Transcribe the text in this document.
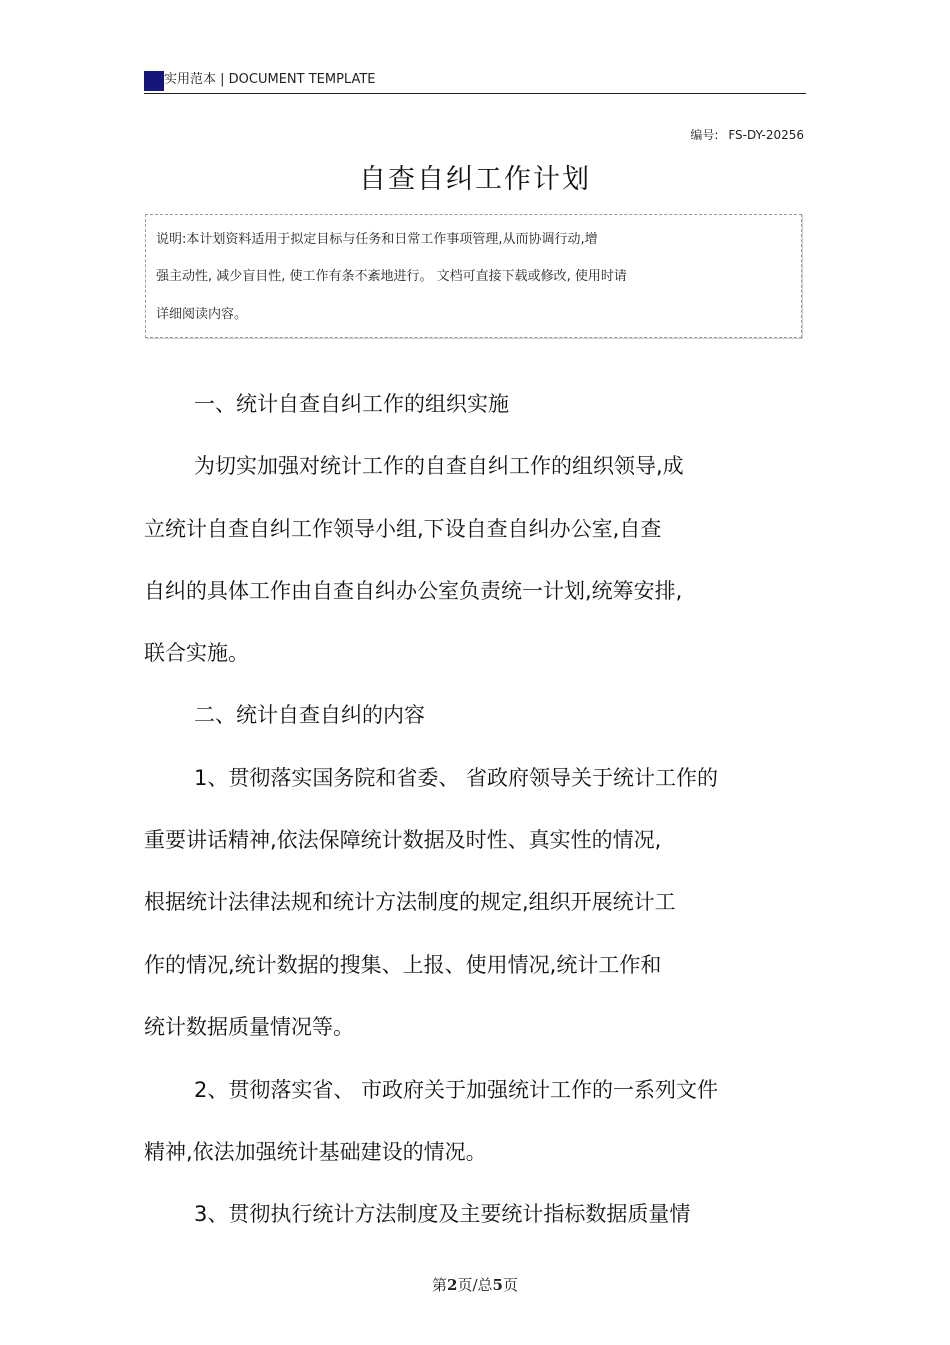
实用范本 | DOCUMENT TEMPLATE
编号: FS-DY-20256
自查自纠工作计划
说明:本计划资料适用于拟定目标与任务和日常工作事项管理,从而协调行动,增
强主动性, 减少盲目性, 使工作有条不紊地进行。 文档可直接下载或修改, 使用时请
详细阅读内容。
一、统计自查自纠工作的组织实施
为切实加强对统计工作的自查自纠工作的组织领导,成
立统计自查自纠工作领导小组,下设自查自纠办公室,自查
自纠的具体工作由自查自纠办公室负责统一计划,统筹安排,
联合实施。
二、统计自查自纠的内容
1、贯彻落实国务院和省委、 省政府领导关于统计工作的
重要讲话精神,依法保障统计数据及时性、真实性的情况,
根据统计法律法规和统计方法制度的规定,组织开展统计工
作的情况,统计数据的搜集、上报、使用情况,统计工作和
统计数据质量情况等。
2、贯彻落实省、 市政府关于加强统计工作的一系列文件
精神,依法加强统计基础建设的情况。
3、贯彻执行统计方法制度及主要统计指标数据质量情
第2页/总5页
